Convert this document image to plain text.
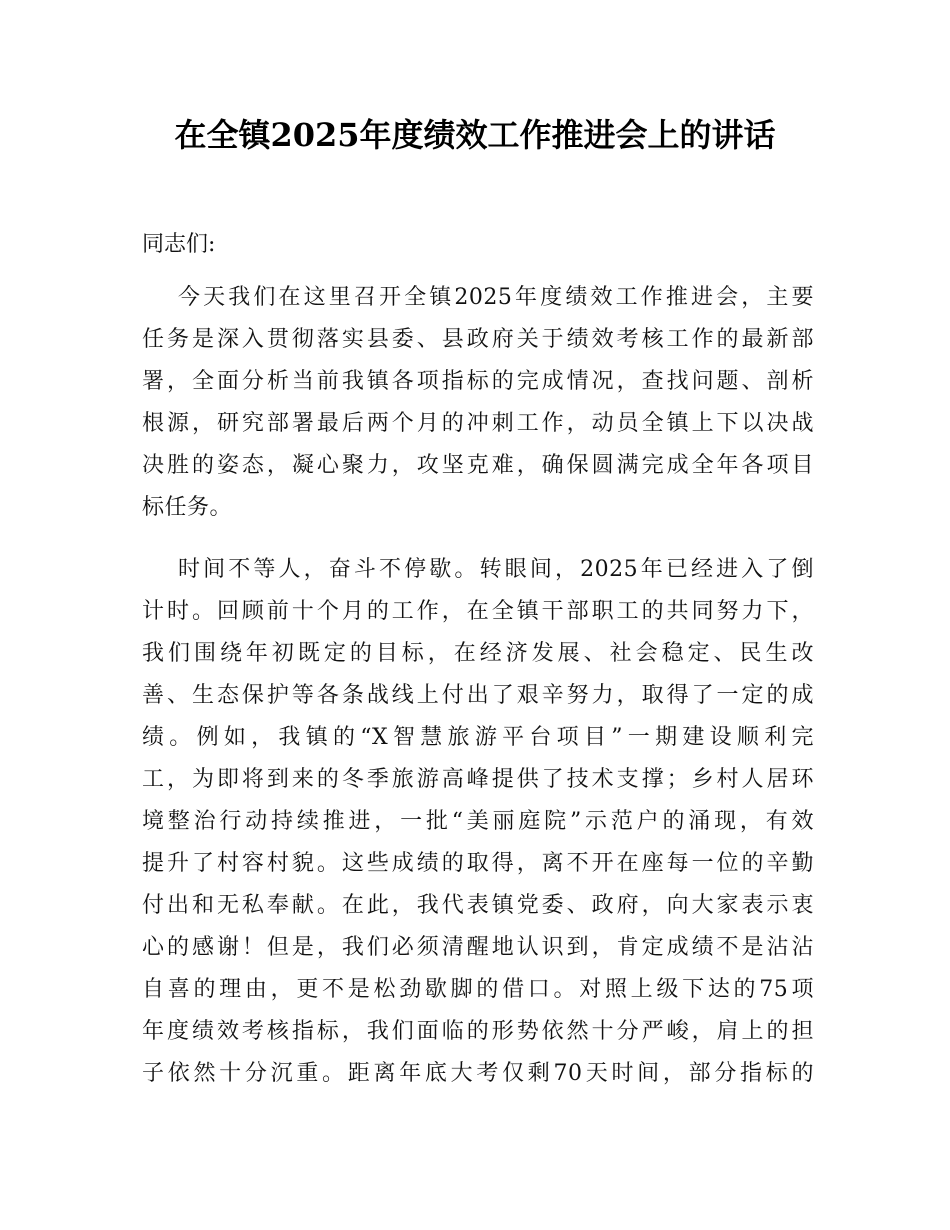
在全镇2025年度绩效工作推进会上的讲话

同志们:

今天我们在这里召开全镇2025年度绩效工作推进会，主要
任务是深入贯彻落实县委、县政府关于绩效考核工作的最新部
署，全面分析当前我镇各项指标的完成情况，查找问题、剖析
根源，研究部署最后两个月的冲刺工作，动员全镇上下以决战
决胜的姿态，凝心聚力，攻坚克难，确保圆满完成全年各项目
标任务。
时间不等人，奋斗不停歇。转眼间，2025年已经进入了倒
计时。回顾前十个月的工作，在全镇干部职工的共同努力下，
我们围绕年初既定的目标，在经济发展、社会稳定、民生改
善、生态保护等各条战线上付出了艰辛努力，取得了一定的成
绩。例如，我镇的“X智慧旅游平台项目”一期建设顺利完
工，为即将到来的冬季旅游高峰提供了技术支撑；乡村人居环
境整治行动持续推进，一批“美丽庭院”示范户的涌现，有效
提升了村容村貌。这些成绩的取得，离不开在座每一位的辛勤
付出和无私奉献。在此，我代表镇党委、政府，向大家表示衷
心的感谢！但是，我们必须清醒地认识到，肯定成绩不是沾沾
自喜的理由，更不是松劲歇脚的借口。对照上级下达的75项
年度绩效考核指标，我们面临的形势依然十分严峻，肩上的担
子依然十分沉重。距离年底大考仅剩70天时间，部分指标的
